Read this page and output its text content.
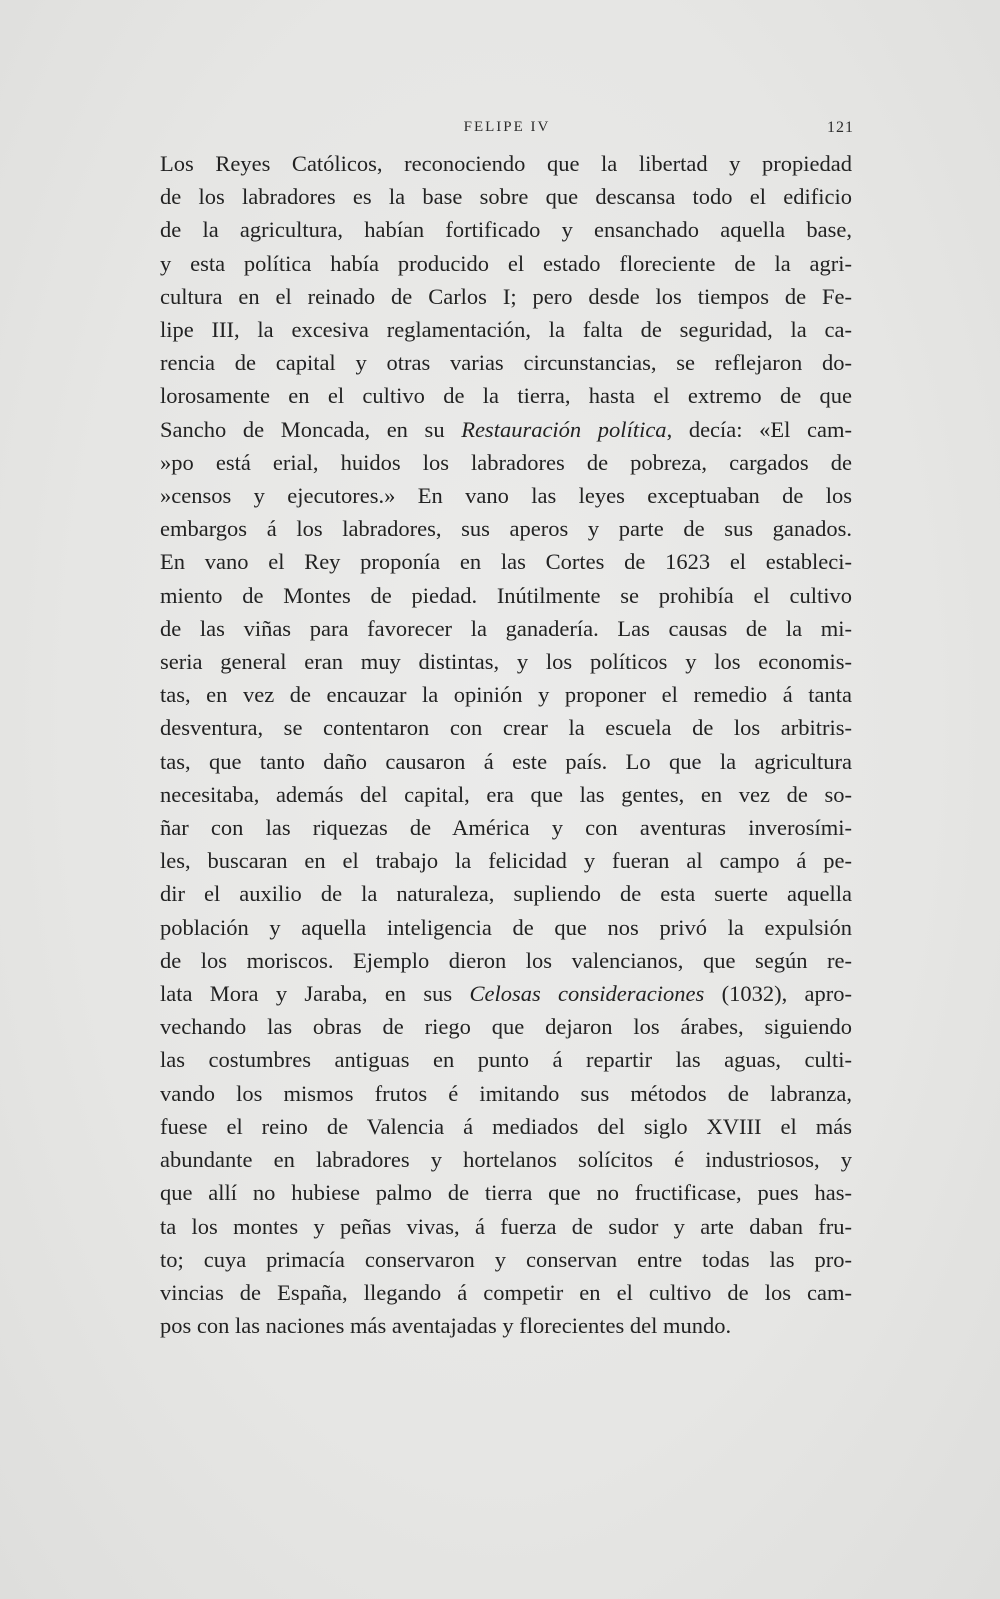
FELIPE IV	121
Los Reyes Católicos, reconociendo que la libertad y propiedad
de los labradores es la base sobre que descansa todo el edificio
de la agricultura, habían fortificado y ensanchado aquella base,
y esta política había producido el estado floreciente de la agri-
cultura en el reinado de Carlos I; pero desde los tiempos de Fe-
lipe III, la excesiva reglamentación, la falta de seguridad, la ca-
rencia de capital y otras varias circunstancias, se reflejaron do-
lorosamente en el cultivo de la tierra, hasta el extremo de que
Sancho de Moncada, en su Restauración política, decía: «El cam-
»po está erial, huidos los labradores de pobreza, cargados de
»censos y ejecutores.» En vano las leyes exceptuaban de los
embargos á los labradores, sus aperos y parte de sus ganados.
En vano el Rey proponía en las Cortes de 1623 el estableci-
miento de Montes de piedad. Inútilmente se prohibía el cultivo
de las viñas para favorecer la ganadería. Las causas de la mi-
seria general eran muy distintas, y los políticos y los economis-
tas, en vez de encauzar la opinión y proponer el remedio á tanta
desventura, se contentaron con crear la escuela de los arbitris-
tas, que tanto daño causaron á este país. Lo que la agricultura
necesitaba, además del capital, era que las gentes, en vez de so-
ñar con las riquezas de América y con aventuras inverosími-
les, buscaran en el trabajo la felicidad y fueran al campo á pe-
dir el auxilio de la naturaleza, supliendo de esta suerte aquella
población y aquella inteligencia de que nos privó la expulsión
de los moriscos. Ejemplo dieron los valencianos, que según re-
lata Mora y Jaraba, en sus Celosas consideraciones (1032), apro-
vechando las obras de riego que dejaron los árabes, siguiendo
las costumbres antiguas en punto á repartir las aguas, culti-
vando los mismos frutos é imitando sus métodos de labranza,
fuese el reino de Valencia á mediados del siglo XVIII el más
abundante en labradores y hortelanos solícitos é industriosos, y
que allí no hubiese palmo de tierra que no fructificase, pues has-
ta los montes y peñas vivas, á fuerza de sudor y arte daban fru-
to; cuya primacía conservaron y conservan entre todas las pro-
vincias de España, llegando á competir en el cultivo de los cam-
pos con las naciones más aventajadas y florecientes del mundo.
